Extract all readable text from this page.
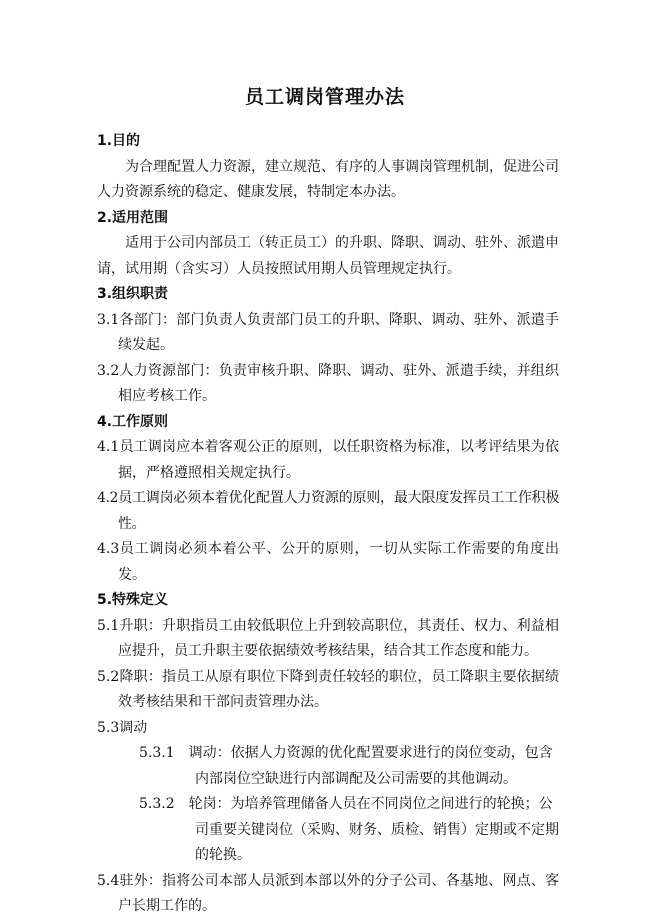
员工调岗管理办法

1.目的

为合理配置人力资源，建立规范、有序的人事调岗管理机制，促进公司人力资源系统的稳定、健康发展，特制定本办法。

2.适用范围

适用于公司内部员工（转正员工）的升职、降职、调动、驻外、派遣申请，试用期（含实习）人员按照试用期人员管理规定执行。

3.组织职责

3.1各部门：部门负责人负责部门员工的升职、降职、调动、驻外、派遣手续发起。

3.2人力资源部门：负责审核升职、降职、调动、驻外、派遣手续，并组织相应考核工作。

4.工作原则

4.1员工调岗应本着客观公正的原则，以任职资格为标准，以考评结果为依据，严格遵照相关规定执行。

4.2员工调岗必须本着优化配置人力资源的原则，最大限度发挥员工工作积极性。

4.3员工调岗必须本着公平、公开的原则，一切从实际工作需要的角度出发。

5.特殊定义

5.1升职：升职指员工由较低职位上升到较高职位，其责任、权力、利益相应提升，员工升职主要依据绩效考核结果，结合其工作态度和能力。

5.2降职：指员工从原有职位下降到责任较轻的职位，员工降职主要依据绩效考核结果和干部问责管理办法。

5.3调动

5.3.1　调动：依据人力资源的优化配置要求进行的岗位变动，包含内部岗位空缺进行内部调配及公司需要的其他调动。

5.3.2　轮岗：为培养管理储备人员在不同岗位之间进行的轮换；公司重要关键岗位（采购、财务、质检、销售）定期或不定期的轮换。

5.4驻外：指将公司本部人员派到本部以外的分子公司、各基地、网点、客户长期工作的。
